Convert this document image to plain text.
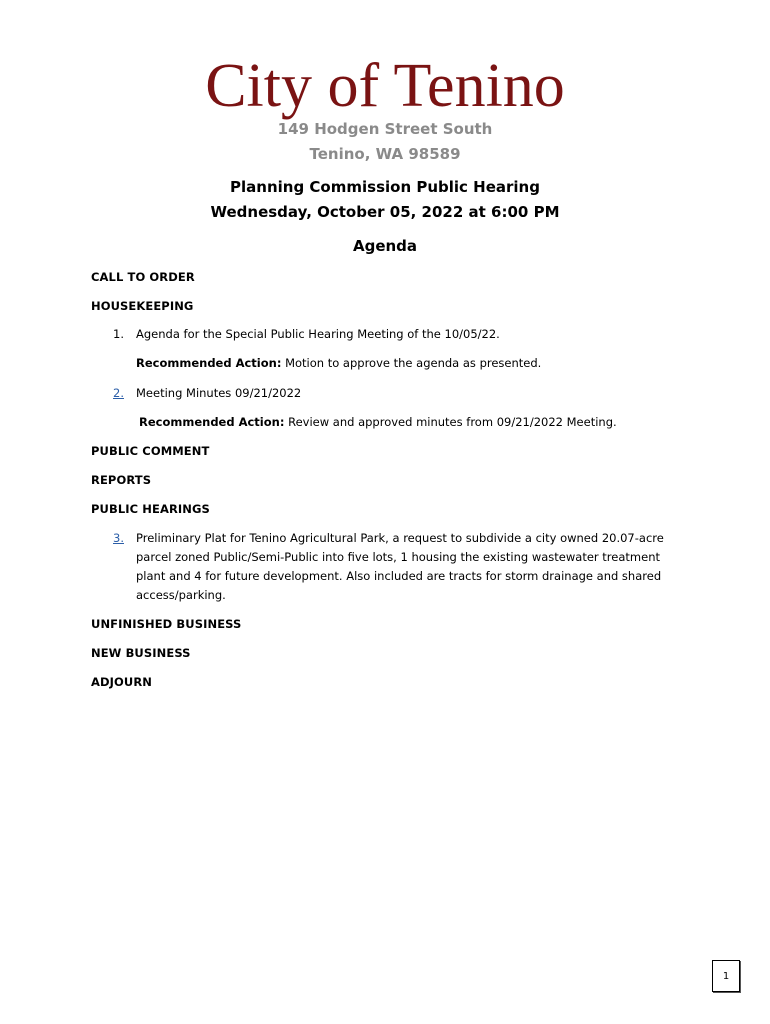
City of Tenino
149 Hodgen Street South
Tenino, WA 98589
Planning Commission Public Hearing
Wednesday, October 05, 2022 at 6:00 PM
Agenda
CALL TO ORDER
HOUSEKEEPING
1. Agenda for the Special Public Hearing Meeting of the 10/05/22.
Recommended Action: Motion to approve the agenda as presented.
2. Meeting Minutes 09/21/2022
Recommended Action: Review and approved minutes from 09/21/2022 Meeting.
PUBLIC COMMENT
REPORTS
PUBLIC HEARINGS
3. Preliminary Plat for Tenino Agricultural Park, a request to subdivide a city owned 20.07-acre parcel zoned Public/Semi-Public into five lots, 1 housing the existing wastewater treatment plant and 4 for future development. Also included are tracts for storm drainage and shared access/parking.
UNFINISHED BUSINESS
NEW BUSINESS
ADJOURN
1
